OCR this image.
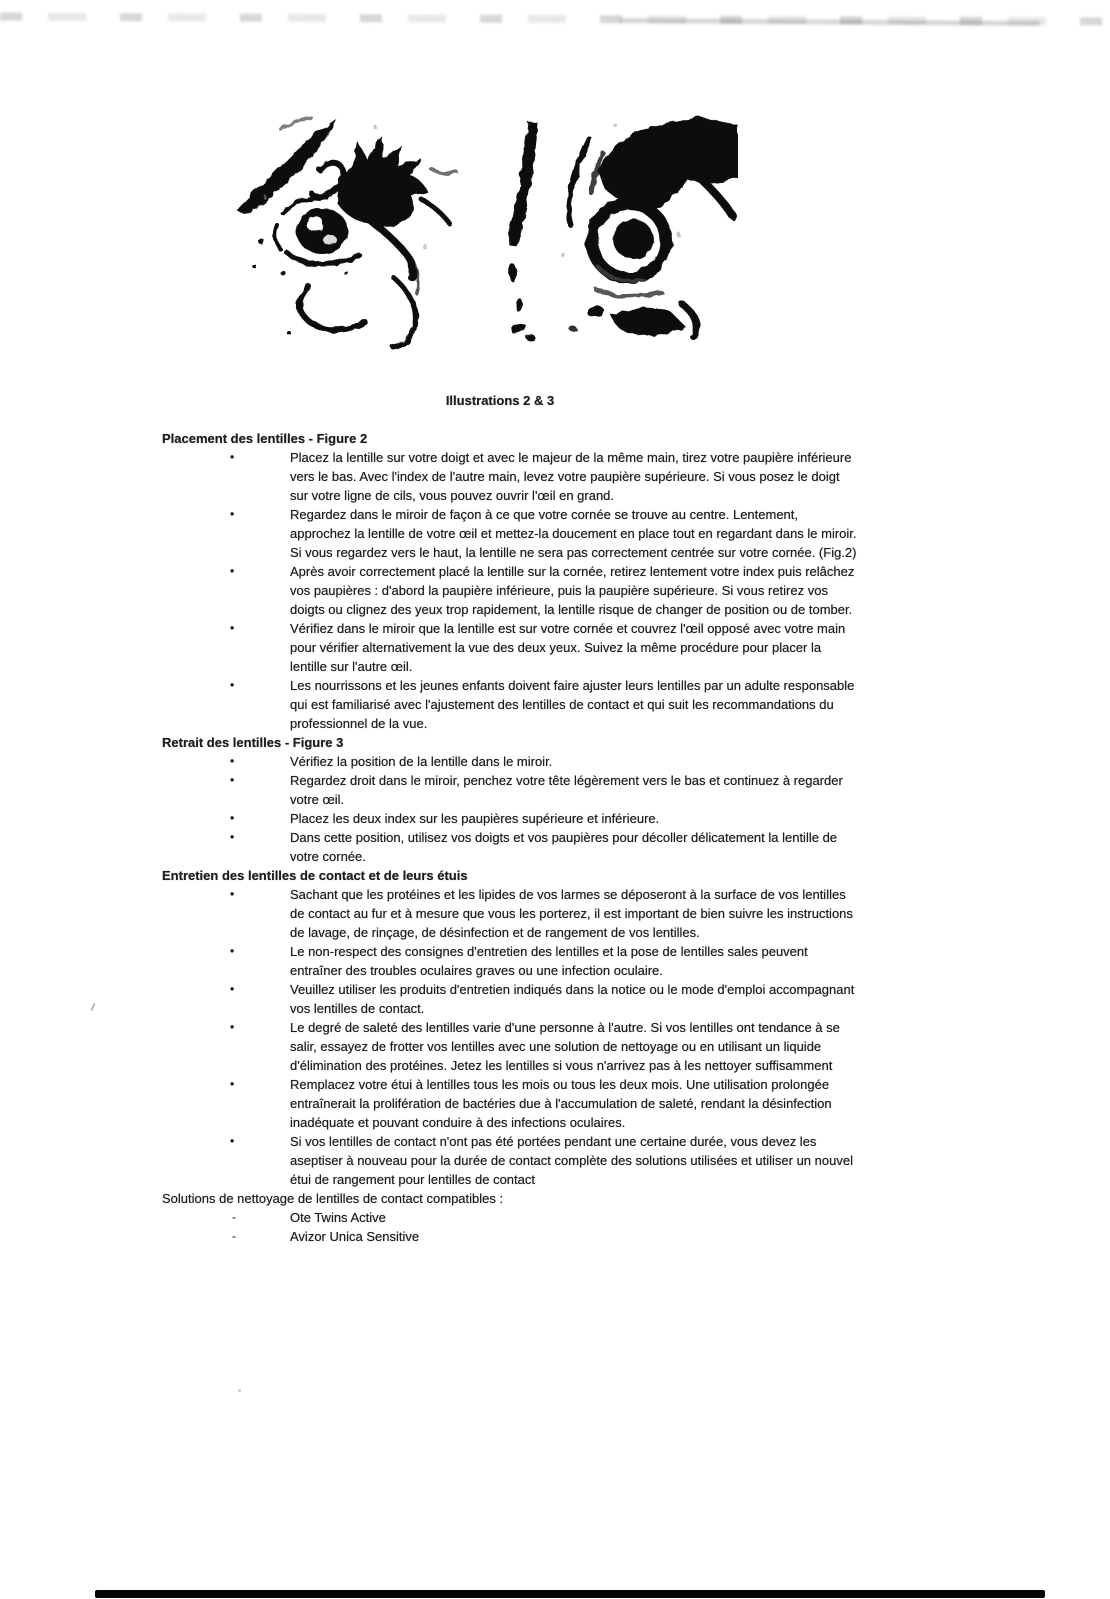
Illustrations 2 & 3
Placement des lentilles - Figure 2
•	Placez la lentille sur votre doigt et avec le majeur de la même main, tirez votre paupière inférieure vers le bas. Avec l'index de l'autre main, levez votre paupière supérieure. Si vous posez le doigt sur votre ligne de cils, vous pouvez ouvrir l'œil en grand.
•	Regardez dans le miroir de façon à ce que votre cornée se trouve au centre. Lentement, approchez la lentille de votre œil et mettez-la doucement en place tout en regardant dans le miroir. Si vous regardez vers le haut, la lentille ne sera pas correctement centrée sur votre cornée. (Fig.2)
•	Après avoir correctement placé la lentille sur la cornée, retirez lentement votre index puis relâchez vos paupières : d'abord la paupière inférieure, puis la paupière supérieure. Si vous retirez vos doigts ou clignez des yeux trop rapidement, la lentille risque de changer de position ou de tomber.
•	Vérifiez dans le miroir que la lentille est sur votre cornée et couvrez l'œil opposé avec votre main pour vérifier alternativement la vue des deux yeux. Suivez la même procédure pour placer la lentille sur l'autre œil.
•	Les nourrissons et les jeunes enfants doivent faire ajuster leurs lentilles par un adulte responsable qui est familiarisé avec l'ajustement des lentilles de contact et qui suit les recommandations du professionnel de la vue.
Retrait des lentilles - Figure 3
•	Vérifiez la position de la lentille dans le miroir.
•	Regardez droit dans le miroir, penchez votre tête légèrement vers le bas et continuez à regarder votre œil.
•	Placez les deux index sur les paupières supérieure et inférieure.
•	Dans cette position, utilisez vos doigts et vos paupières pour décoller délicatement la lentille de votre cornée.
Entretien des lentilles de contact et de leurs étuis
•	Sachant que les protéines et les lipides de vos larmes se déposeront à la surface de vos lentilles de contact au fur et à mesure que vous les porterez, il est important de bien suivre les instructions de lavage, de rinçage, de désinfection et de rangement de vos lentilles.
•	Le non-respect des consignes d'entretien des lentilles et la pose de lentilles sales peuvent entraîner des troubles oculaires graves ou une infection oculaire.
•	Veuillez utiliser les produits d'entretien indiqués dans la notice ou le mode d'emploi accompagnant vos lentilles de contact.
•	Le degré de saleté des lentilles varie d'une personne à l'autre. Si vos lentilles ont tendance à se salir, essayez de frotter vos lentilles avec une solution de nettoyage ou en utilisant un liquide d'élimination des protéines. Jetez les lentilles si vous n'arrivez pas à les nettoyer suffisamment
•	Remplacez votre étui à lentilles tous les mois ou tous les deux mois. Une utilisation prolongée entraînerait la prolifération de bactéries due à l'accumulation de saleté, rendant la désinfection inadéquate et pouvant conduire à des infections oculaires.
•	Si vos lentilles de contact n'ont pas été portées pendant une certaine durée, vous devez les aseptiser à nouveau pour la durée de contact complète des solutions utilisées et utiliser un nouvel étui de rangement pour lentilles de contact
Solutions de nettoyage de lentilles de contact compatibles :
-	Ote Twins Active
-	Avizor Unica Sensitive
